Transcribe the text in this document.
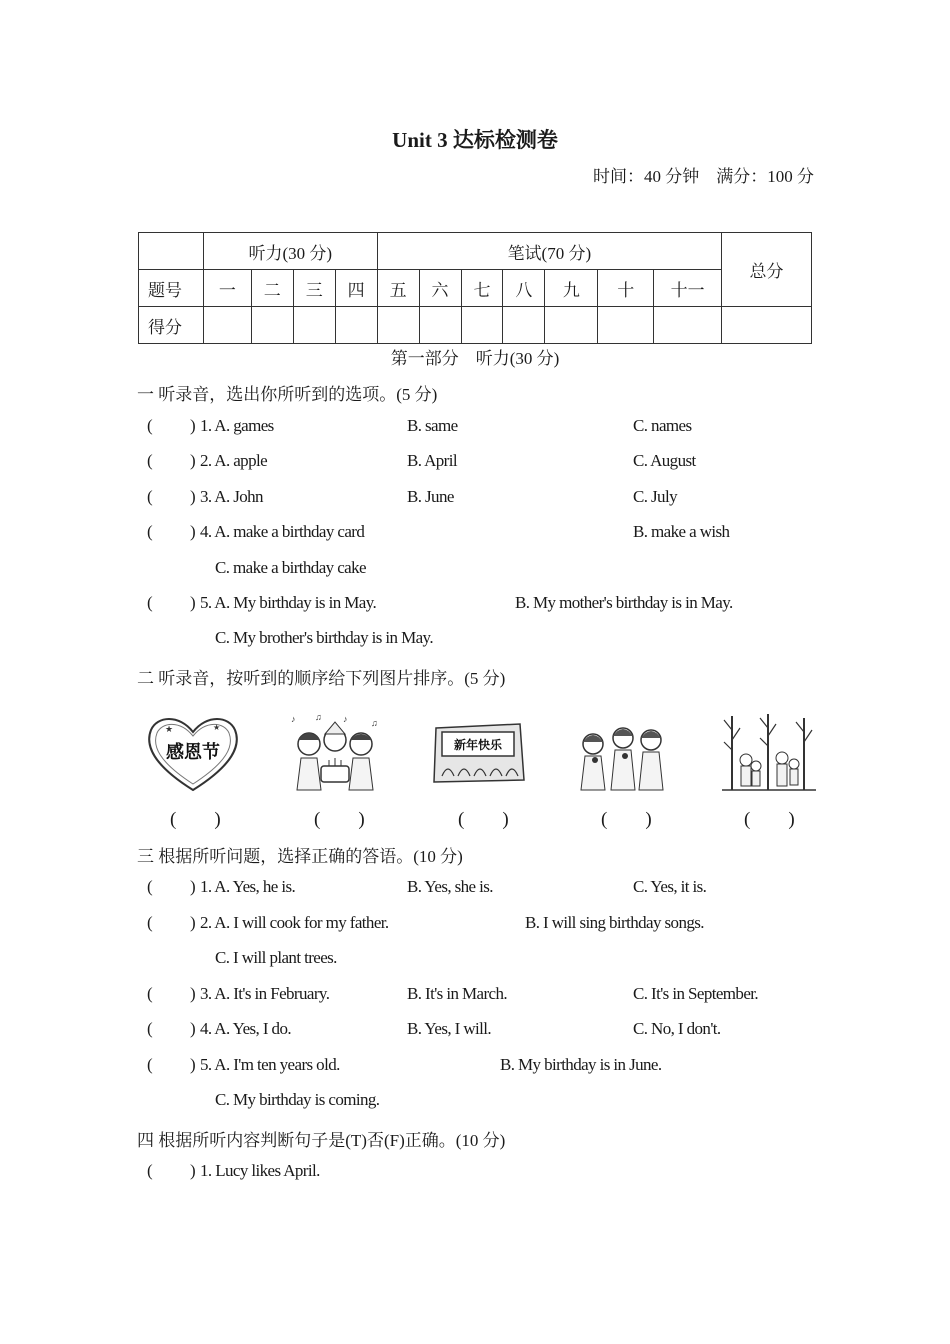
Unit 3 达标检测卷
时间：40 分钟　满分：100 分
	听力(30 分)				笔试(70 分)							总分
题号	一	二	三	四	五	六	七	八	九	十	十一	
得分												
第一部分　听力(30 分)
一 听录音，选出你所听到的选项。(5 分)
( ) 1. A. games	B. same	C. names
( ) 2. A. apple	B. April	C. August
( ) 3. A. John	B. June	C. July
( ) 4. A. make a birthday card	B. make a wish
C. make a birthday cake
( ) 5. A. My birthday is in May.	B. My mother's birthday is in May.
C. My brother's birthday is in May.
二 听录音，按听到的顺序给下列图片排序。(5 分)
感恩节
★	★
♪ ♫ ♪	♫
新年快乐
(　　)	(　　)	(　　)	(　　)	(　　)
三 根据所听问题，选择正确的答语。(10 分)
( ) 1. A. Yes, he is.	B. Yes, she is.	C. Yes, it is.
( ) 2. A. I will cook for my father.	B. I will sing birthday songs.
C. I will plant trees.
( ) 3. A. It's in February.	B. It's in March.	C. It's in September.
( ) 4. A. Yes, I do.	B. Yes, I will.	C. No, I don't.
( ) 5. A. I'm ten years old.	B. My birthday is in June.
C. My birthday is coming.
四 根据所听内容判断句子是(T)否(F)正确。(10 分)
( ) 1. Lucy likes April.
